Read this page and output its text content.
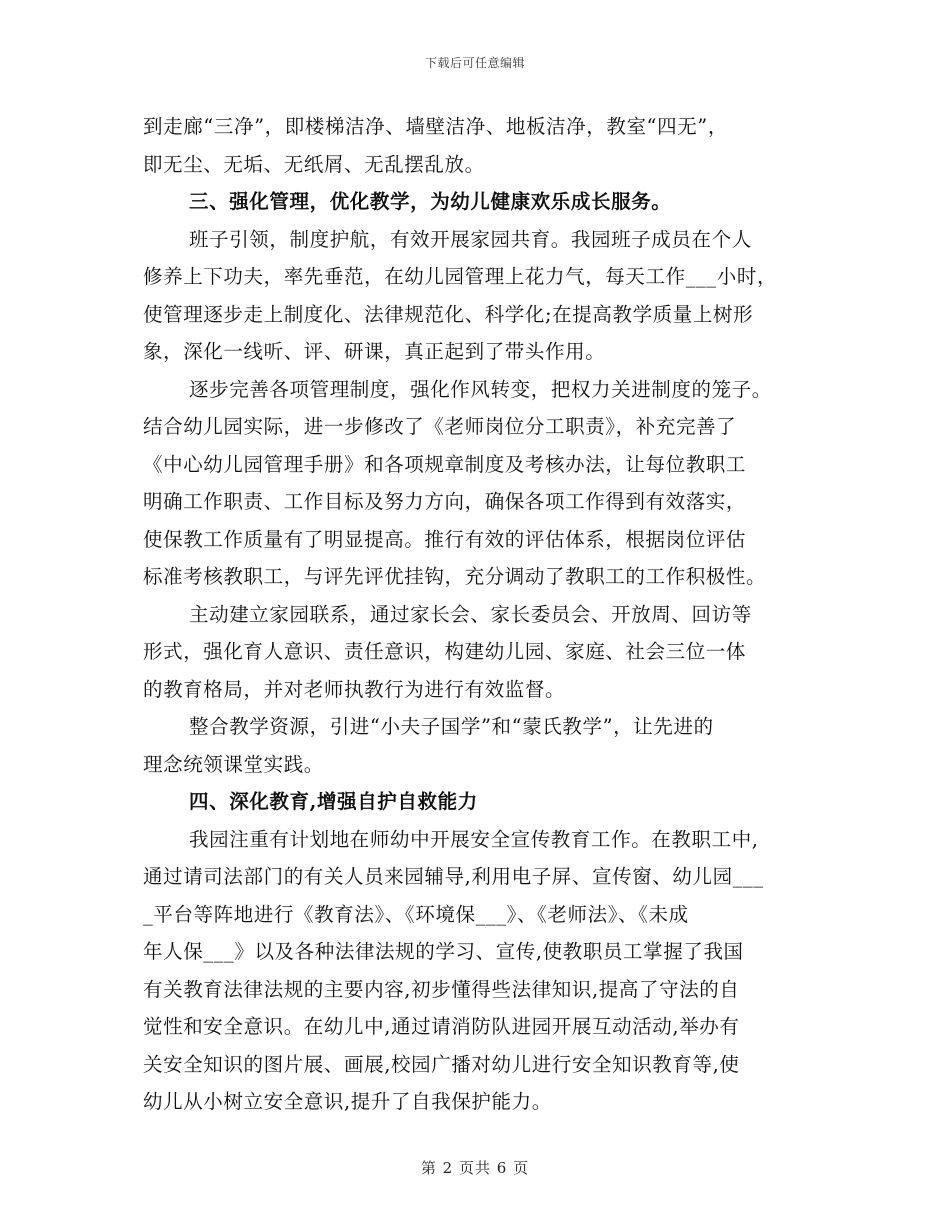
下载后可任意编辑
到走廊“三净”，即楼梯洁净、墙壁洁净、地板洁净，教室“四无”，
即无尘、无垢、无纸屑、无乱摆乱放。
三、强化管理，优化教学，为幼儿健康欢乐成长服务。
班子引领，制度护航，有效开展家园共育。我园班子成员在个人
修养上下功夫，率先垂范，在幼儿园管理上花力气，每天工作___小时，
使管理逐步走上制度化、法律规范化、科学化;在提高教学质量上树形
象，深化一线听、评、研课，真正起到了带头作用。
逐步完善各项管理制度，强化作风转变，把权力关进制度的笼子。
结合幼儿园实际，进一步修改了《老师岗位分工职责》，补充完善了
《中心幼儿园管理手册》和各项规章制度及考核办法，让每位教职工
明确工作职责、工作目标及努力方向，确保各项工作得到有效落实，
使保教工作质量有了明显提高。推行有效的评估体系，根据岗位评估
标准考核教职工，与评先评优挂钩，充分调动了教职工的工作积极性。
主动建立家园联系，通过家长会、家长委员会、开放周、回访等
形式，强化育人意识、责任意识，构建幼儿园、家庭、社会三位一体
的教育格局，并对老师执教行为进行有效监督。
整合教学资源，引进“小夫子国学”和“蒙氏教学”，让先进的
理念统领课堂实践。
四、深化教育,增强自护自救能力
我园注重有计划地在师幼中开展安全宣传教育工作。在教职工中,
通过请司法部门的有关人员来园辅导,利用电子屏、宣传窗、幼儿园___
_平台等阵地进行《教育法》、《环境保___》、《老师法》、《未成
年人保___》以及各种法律法规的学习、宣传,使教职员工掌握了我国
有关教育法律法规的主要内容,初步懂得些法律知识,提高了守法的自
觉性和安全意识。在幼儿中,通过请消防队进园开展互动活动,举办有
关安全知识的图片展、画展,校园广播对幼儿进行安全知识教育等,使
幼儿从小树立安全意识,提升了自我保护能力。
第 2 页共 6 页
